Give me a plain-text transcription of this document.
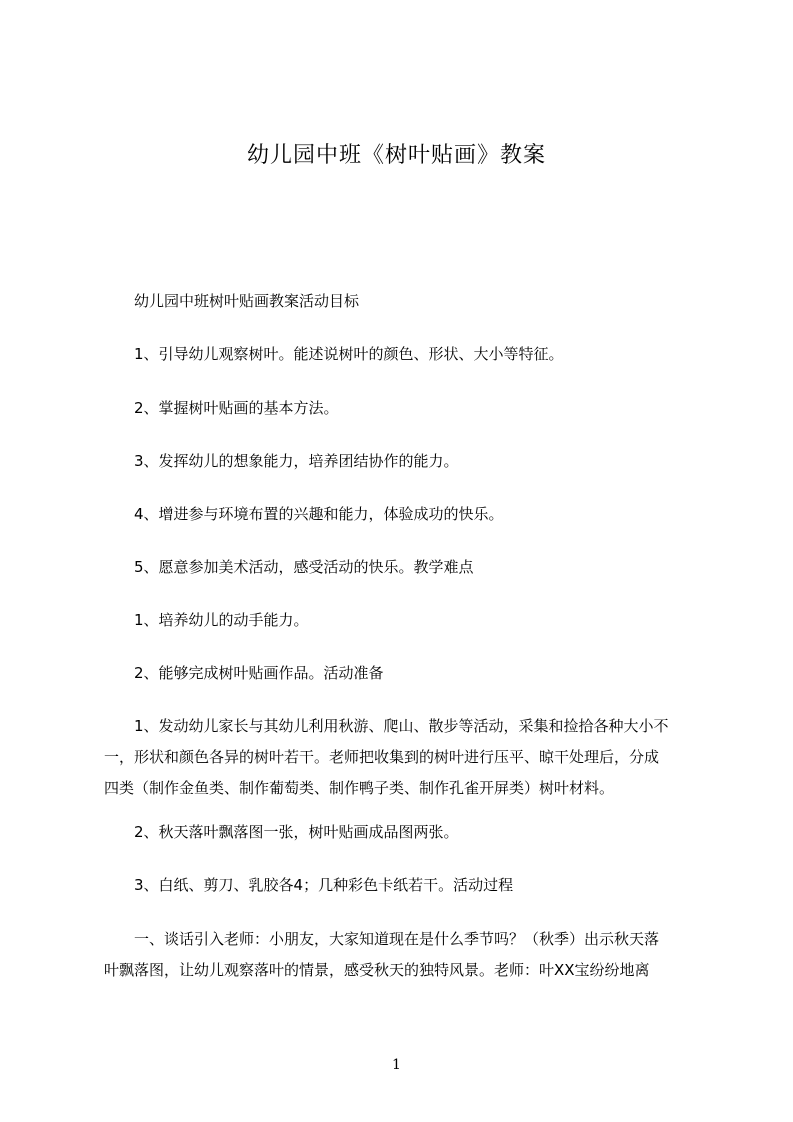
幼儿园中班《树叶贴画》教案
　　幼儿园中班树叶贴画教案活动目标
　　1、引导幼儿观察树叶。能述说树叶的颜色、形状、大小等特征。
　　2、掌握树叶贴画的基本方法。
　　3、发挥幼儿的想象能力，培养团结协作的能力。
　　4、增进参与环境布置的兴趣和能力，体验成功的快乐。
　　5、愿意参加美术活动，感受活动的快乐。教学难点
　　1、培养幼儿的动手能力。
　　2、能够完成树叶贴画作品。活动准备
　　1、发动幼儿家长与其幼儿利用秋游、爬山、散步等活动，采集和捡拾各种大小不
一，形状和颜色各异的树叶若干。老师把收集到的树叶进行压平、晾干处理后，分成
四类（制作金鱼类、制作葡萄类、制作鸭子类、制作孔雀开屏类）树叶材料。
　　2、秋天落叶飘落图一张，树叶贴画成品图两张。
　　3、白纸、剪刀、乳胶各4；几种彩色卡纸若干。活动过程
　　一、谈话引入老师：小朋友，大家知道现在是什么季节吗？（秋季）出示秋天落
叶飘落图，让幼儿观察落叶的情景，感受秋天的独特风景。老师：叶XX宝纷纷地离
1
